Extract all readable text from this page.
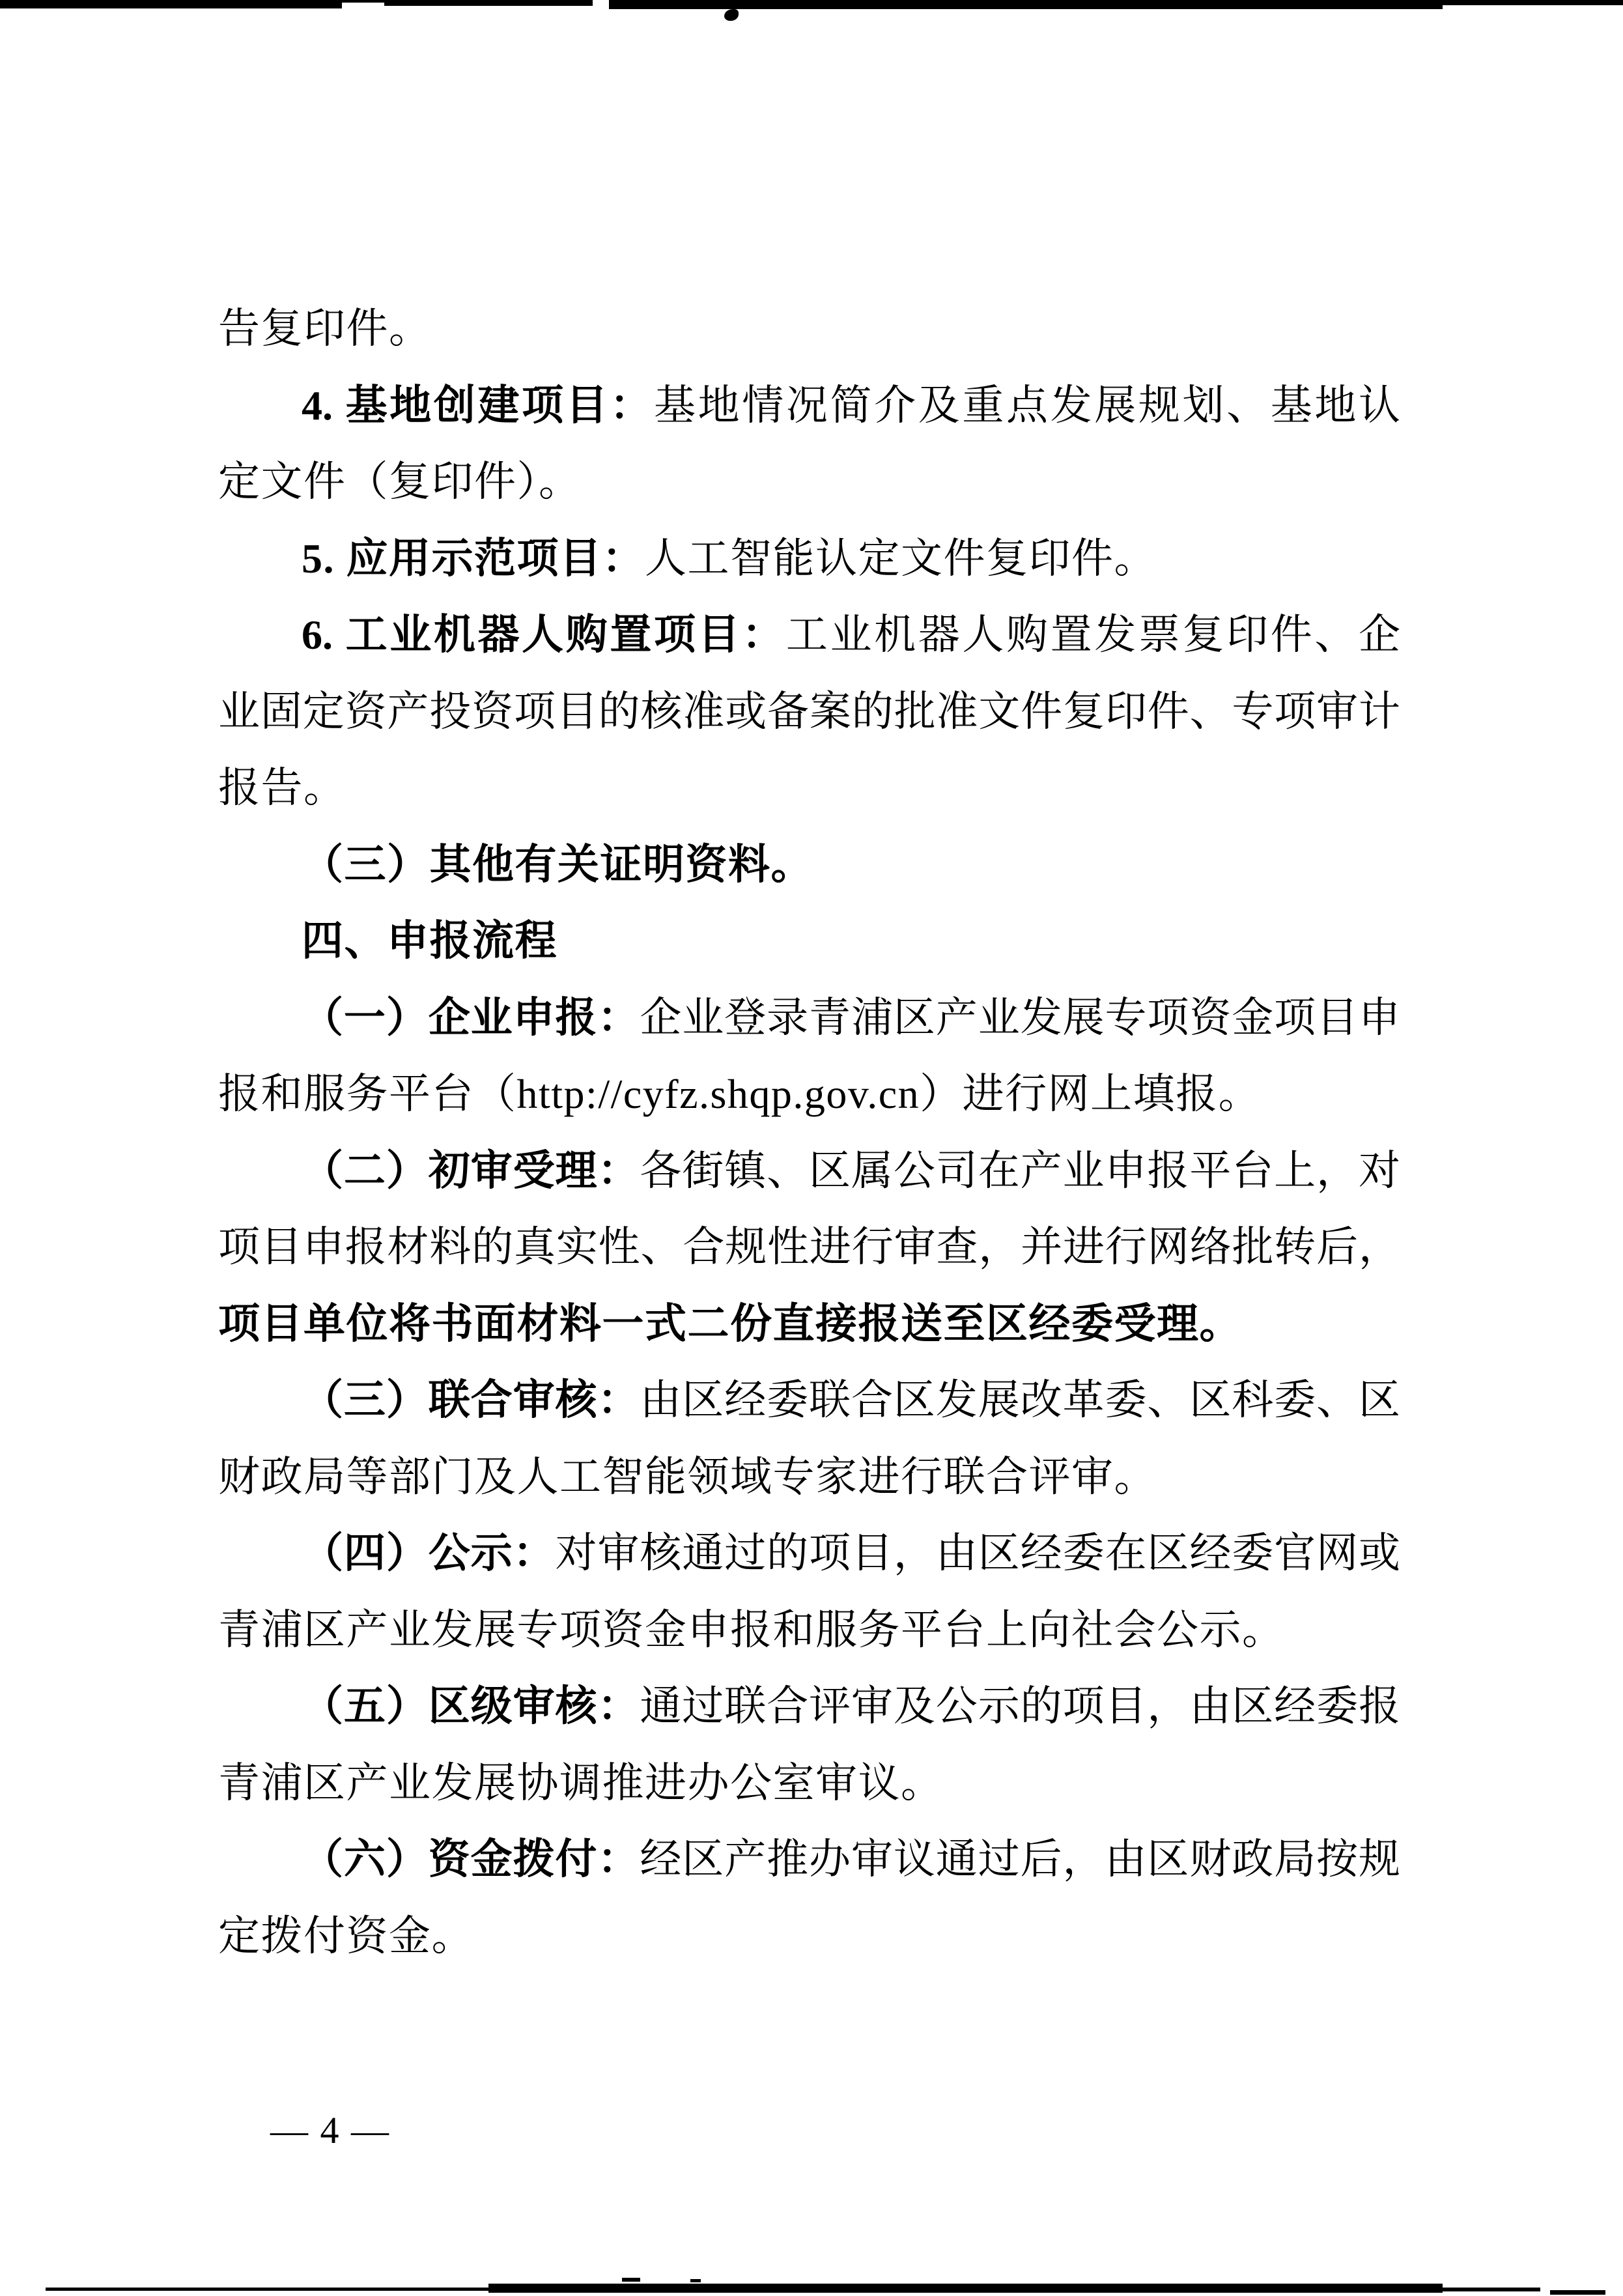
告复印件。
4. 基地创建项目：基地情况简介及重点发展规划、基地认
定文件（复印件）。
5. 应用示范项目：人工智能认定文件复印件。
6. 工业机器人购置项目：工业机器人购置发票复印件、企
业固定资产投资项目的核准或备案的批准文件复印件、专项审计
报告。
（三）其他有关证明资料。
四、申报流程
（一）企业申报：企业登录青浦区产业发展专项资金项目申
报和服务平台（http://cyfz.shqp.gov.cn）进行网上填报。
（二）初审受理：各街镇、区属公司在产业申报平台上，对
项目申报材料的真实性、合规性进行审查，并进行网络批转后，
项目单位将书面材料一式二份直接报送至区经委受理。
（三）联合审核：由区经委联合区发展改革委、区科委、区
财政局等部门及人工智能领域专家进行联合评审。
（四）公示：对审核通过的项目，由区经委在区经委官网或
青浦区产业发展专项资金申报和服务平台上向社会公示。
（五）区级审核：通过联合评审及公示的项目，由区经委报
青浦区产业发展协调推进办公室审议。
（六）资金拨付：经区产推办审议通过后，由区财政局按规
定拨付资金。
— 4 —
